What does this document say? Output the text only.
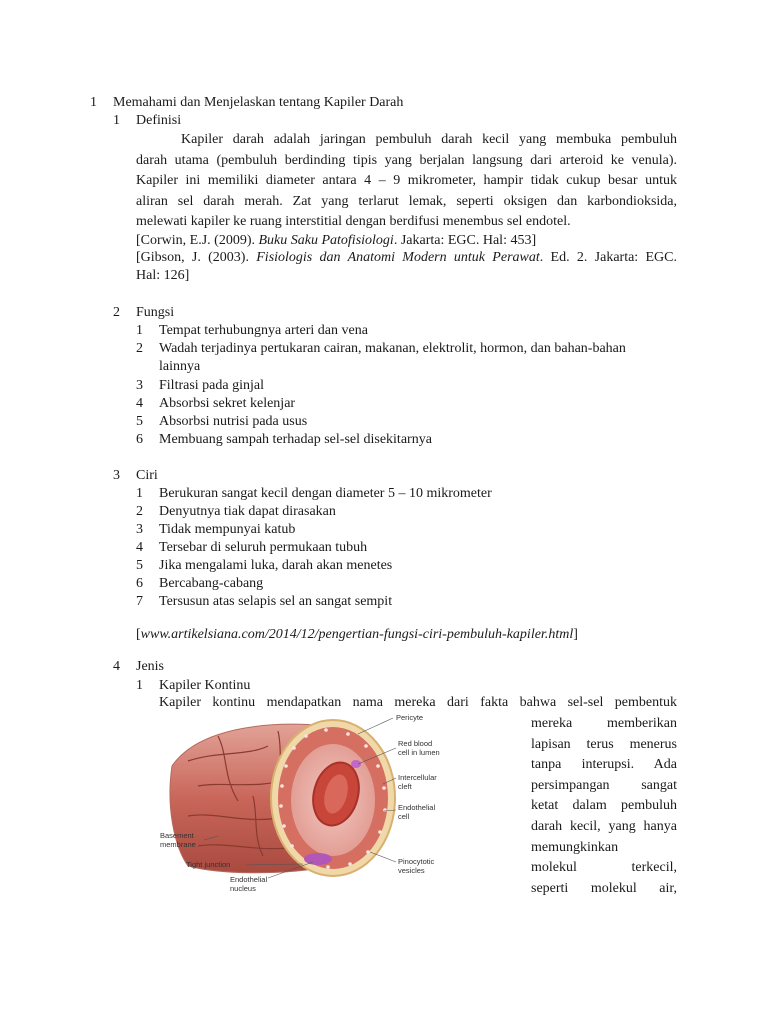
1 Memahami dan Menjelaskan tentang Kapiler Darah
1 Definisi
Kapiler darah adalah jaringan pembuluh darah kecil yang membuka pembuluh
darah utama (pembuluh berdinding tipis yang berjalan langsung dari arteroid ke venula).
Kapiler ini memiliki diameter antara 4 – 9 mikrometer, hampir tidak cukup besar untuk
aliran sel darah merah. Zat yang terlarut lemak, seperti oksigen dan karbondioksida,
melewati kapiler ke ruang interstitial dengan berdifusi menembus sel endotel.
[Corwin, E.J. (2009). Buku Saku Patofisiologi. Jakarta: EGC. Hal: 453]
[Gibson, J. (2003). Fisiologis dan Anatomi Modern untuk Perawat. Ed. 2. Jakarta: EGC.
Hal: 126]
2 Fungsi
1 Tempat terhubungnya arteri dan vena
2 Wadah terjadinya pertukaran cairan, makanan, elektrolit, hormon, dan bahan-bahan
lainnya
3 Filtrasi pada ginjal
4 Absorbsi sekret kelenjar
5 Absorbsi nutrisi pada usus
6 Membuang sampah terhadap sel-sel disekitarnya
3 Ciri
1 Berukuran sangat kecil dengan diameter 5 – 10 mikrometer
2 Denyutnya tiak dapat dirasakan
3 Tidak mempunyai katub
4 Tersebar di seluruh permukaan tubuh
5 Jika mengalami luka, darah akan menetes
6 Bercabang-cabang
7 Tersusun atas selapis sel an sangat sempit
[www.artikelsiana.com/2014/12/pengertian-fungsi-ciri-pembuluh-kapiler.html]
4 Jenis
1 Kapiler Kontinu
Kapiler kontinu mendapatkan nama mereka dari fakta bahwa sel-sel pembentuk
mereka memberikan
lapisan terus menerus
tanpa interupsi. Ada
persimpangan sangat
ketat dalam pembuluh
darah kecil, yang hanya
memungkinkan
molekul terkecil,
seperti molekul air,
Pericyte
Red blood
cell in lumen
Intercellular
cleft
Endothelial
cell
Basement
membrane
Tight junction
Endothelial
nucleus
Pinocytotic
vesicles
